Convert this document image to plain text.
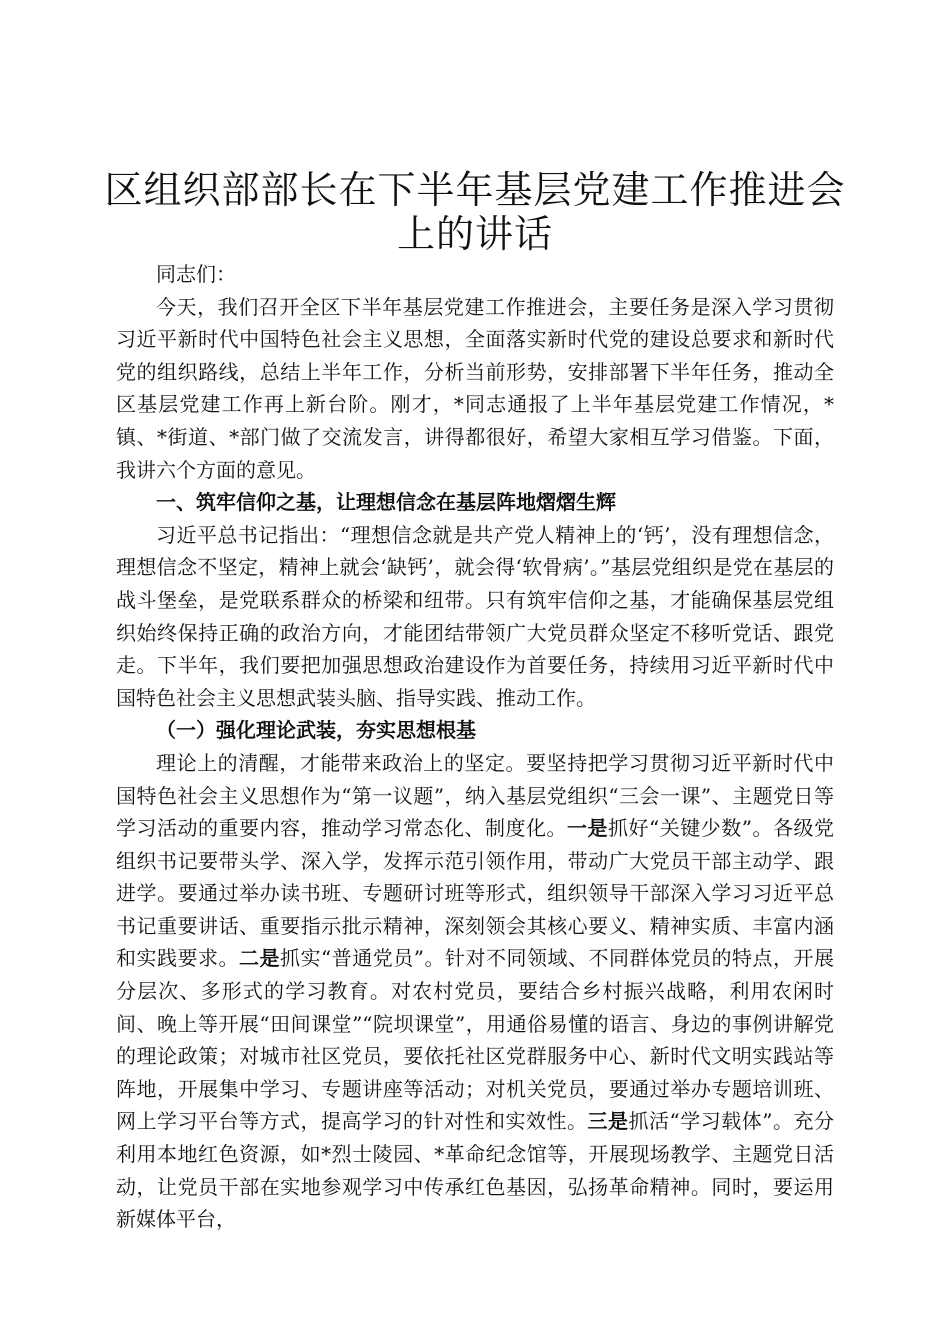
区组织部部长在下半年基层党建工作推进会上的讲话

同志们：

今天，我们召开全区下半年基层党建工作推进会，主要任务是深入学习贯彻习近平新时代中国特色社会主义思想，全面落实新时代党的建设总要求和新时代党的组织路线，总结上半年工作，分析当前形势，安排部署下半年任务，推动全区基层党建工作再上新台阶。刚才，*同志通报了上半年基层党建工作情况，*镇、*街道、*部门做了交流发言，讲得都很好，希望大家相互学习借鉴。下面，我讲六个方面的意见。

一、筑牢信仰之基，让理想信念在基层阵地熠熠生辉

习近平总书记指出：“理想信念就是共产党人精神上的‘钙’，没有理想信念，理想信念不坚定，精神上就会‘缺钙’，就会得‘软骨病’。”基层党组织是党在基层的战斗堡垒，是党联系群众的桥梁和纽带。只有筑牢信仰之基，才能确保基层党组织始终保持正确的政治方向，才能团结带领广大党员群众坚定不移听党话、跟党走。下半年，我们要把加强思想政治建设作为首要任务，持续用习近平新时代中国特色社会主义思想武装头脑、指导实践、推动工作。

（一）强化理论武装，夯实思想根基

理论上的清醒，才能带来政治上的坚定。要坚持把学习贯彻习近平新时代中国特色社会主义思想作为“第一议题”，纳入基层党组织“三会一课”、主题党日等学习活动的重要内容，推动学习常态化、制度化。一是抓好“关键少数”。各级党组织书记要带头学、深入学，发挥示范引领作用，带动广大党员干部主动学、跟进学。要通过举办读书班、专题研讨班等形式，组织领导干部深入学习习近平总书记重要讲话、重要指示批示精神，深刻领会其核心要义、精神实质、丰富内涵和实践要求。二是抓实“普通党员”。针对不同领域、不同群体党员的特点，开展分层次、多形式的学习教育。对农村党员，要结合乡村振兴战略，利用农闲时间、晚上等开展“田间课堂”“院坝课堂”，用通俗易懂的语言、身边的事例讲解党的理论政策；对城市社区党员，要依托社区党群服务中心、新时代文明实践站等阵地，开展集中学习、专题讲座等活动；对机关党员，要通过举办专题培训班、网上学习平台等方式，提高学习的针对性和实效性。三是抓活“学习载体”。充分利用本地红色资源，如*烈士陵园、*革命纪念馆等，开展现场教学、主题党日活动，让党员干部在实地参观学习中传承红色基因，弘扬革命精神。同时，要运用新媒体平台，
